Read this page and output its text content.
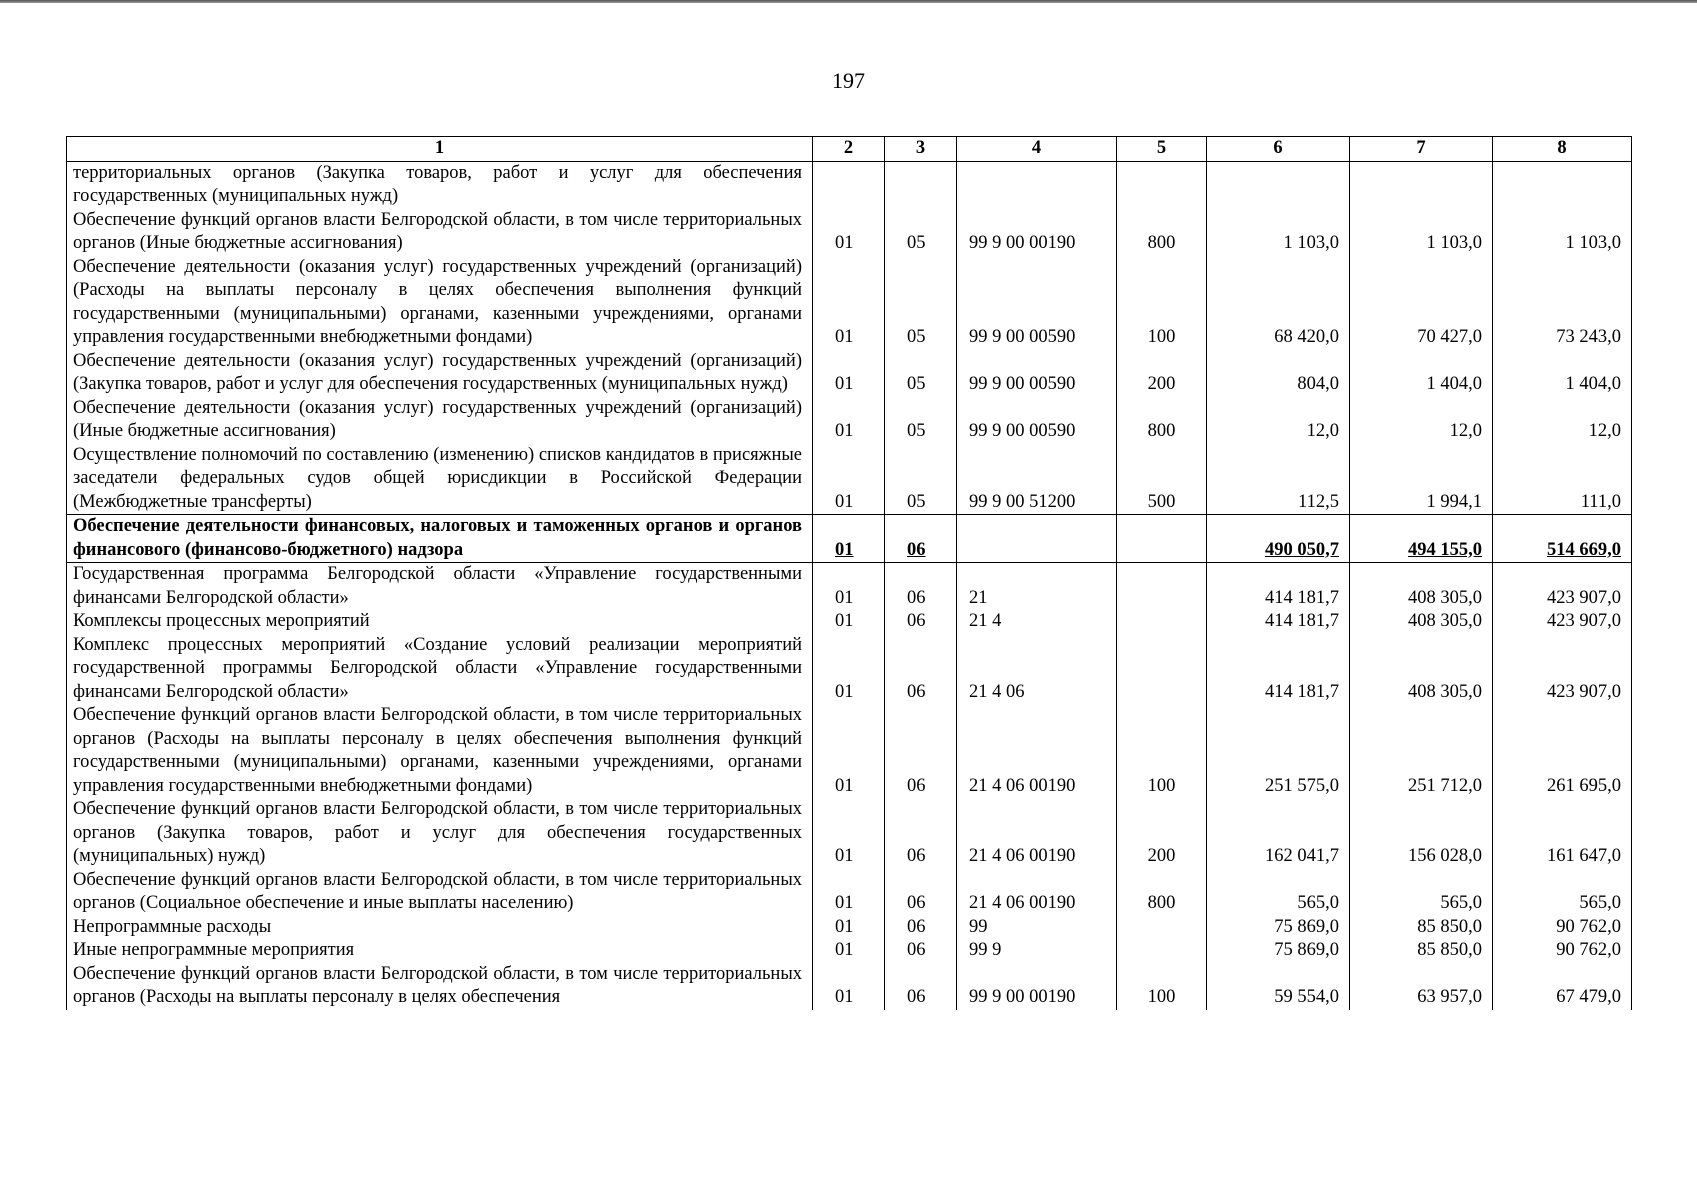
197
1	2	3	4	5	6	7	8
территориальных органов (Закупка товаров, работ и услуг для обеспечения государственных (муниципальных нужд)							
Обеспечение функций органов власти Белгородской области, в том числе территориальных органов (Иные бюджетные ассигнования)	01	05	99 9 00 00190	800	1 103,0	1 103,0	1 103,0
Обеспечение деятельности (оказания услуг) государственных учреждений (организаций) (Расходы на выплаты персоналу в целях обеспечения выполнения функций государственными (муниципальными) органами, казенными учреждениями, органами управления государственными внебюджетными фондами)	01	05	99 9 00 00590	100	68 420,0	70 427,0	73 243,0
Обеспечение деятельности (оказания услуг) государственных учреждений (организаций) (Закупка товаров, работ и услуг для обеспечения государственных (муниципальных нужд)	01	05	99 9 00 00590	200	804,0	1 404,0	1 404,0
Обеспечение деятельности (оказания услуг) государственных учреждений (организаций) (Иные бюджетные ассигнования)	01	05	99 9 00 00590	800	12,0	12,0	12,0
Осуществление полномочий по составлению (изменению) списков кандидатов в присяжные заседатели федеральных судов общей юрисдикции в Российской Федерации (Межбюджетные трансферты)	01	05	99 9 00 51200	500	112,5	1 994,1	111,0
Обеспечение деятельности финансовых, налоговых и таможенных органов и органов финансового (финансово-бюджетного) надзора	01	06			490 050,7	494 155,0	514 669,0
Государственная программа Белгородской области «Управление государственными финансами Белгородской области»	01	06	21		414 181,7	408 305,0	423 907,0
Комплексы процессных мероприятий	01	06	21 4		414 181,7	408 305,0	423 907,0
Комплекс процессных мероприятий «Создание условий реализации мероприятий государственной программы Белгородской области «Управление государственными финансами Белгородской области»	01	06	21 4 06		414 181,7	408 305,0	423 907,0
Обеспечение функций органов власти Белгородской области, в том числе территориальных органов (Расходы на выплаты персоналу в целях обеспечения выполнения функций государственными (муниципальными) органами, казенными учреждениями, органами управления государственными внебюджетными фондами)	01	06	21 4 06 00190	100	251 575,0	251 712,0	261 695,0
Обеспечение функций органов власти Белгородской области, в том числе территориальных органов (Закупка товаров, работ и услуг для обеспечения государственных (муниципальных) нужд)	01	06	21 4 06 00190	200	162 041,7	156 028,0	161 647,0
Обеспечение функций органов власти Белгородской области, в том числе территориальных органов (Социальное обеспечение и иные выплаты населению)	01	06	21 4 06 00190	800	565,0	565,0	565,0
Непрограммные расходы	01	06	99		75 869,0	85 850,0	90 762,0
Иные непрограммные мероприятия	01	06	99 9		75 869,0	85 850,0	90 762,0
Обеспечение функций органов власти Белгородской области, в том числе территориальных органов (Расходы на выплаты персоналу в целях обеспечения	01	06	99 9 00 00190	100	59 554,0	63 957,0	67 479,0
